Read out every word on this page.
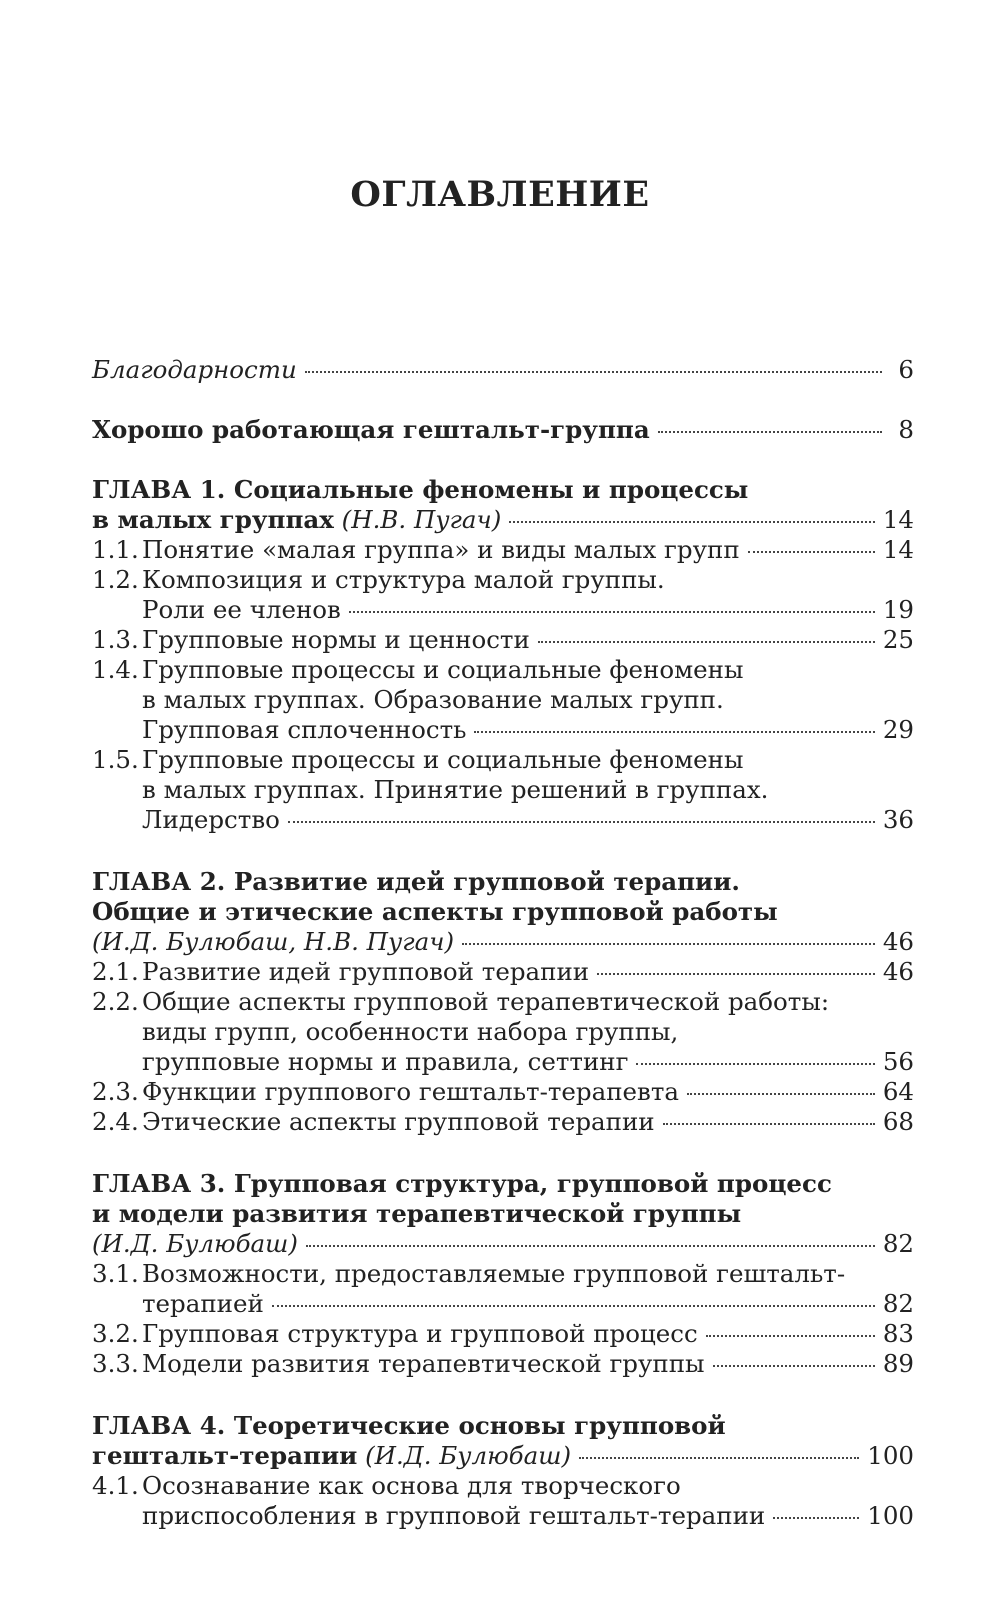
ОГЛАВЛЕНИЕ
Благодарности	6
Хорошо работающая гештальт-группа	8
ГЛАВА 1. Социальные феномены и процессы
в малых группах (Н.В. Пугач)	14
1.1. Понятие «малая группа» и виды малых групп	14
1.2. Композиция и структура малой группы.
Роли ее членов	19
1.3. Групповые нормы и ценности	25
1.4. Групповые процессы и социальные феномены
в малых группах. Образование малых групп.
Групповая сплоченность	29
1.5. Групповые процессы и социальные феномены
в малых группах. Принятие решений в группах.
Лидерство	36
ГЛАВА 2. Развитие идей групповой терапии.
Общие и этические аспекты групповой работы
(И.Д. Булюбаш, Н.В. Пугач)	46
2.1. Развитие идей групповой терапии	46
2.2. Общие аспекты групповой терапевтической работы:
виды групп, особенности набора группы,
групповые нормы и правила, сеттинг	56
2.3. Функции группового гештальт-терапевта	64
2.4. Этические аспекты групповой терапии	68
ГЛАВА 3. Групповая структура, групповой процесс
и модели развития терапевтической группы
(И.Д. Булюбаш)	82
3.1. Возможности, предоставляемые групповой гештальт-
терапией	82
3.2. Групповая структура и групповой процесс	83
3.3. Модели развития терапевтической группы	89
ГЛАВА 4. Теоретические основы групповой
гештальт-терапии (И.Д. Булюбаш)	100
4.1. Осознавание как основа для творческого
приспособления в групповой гештальт-терапии	100
